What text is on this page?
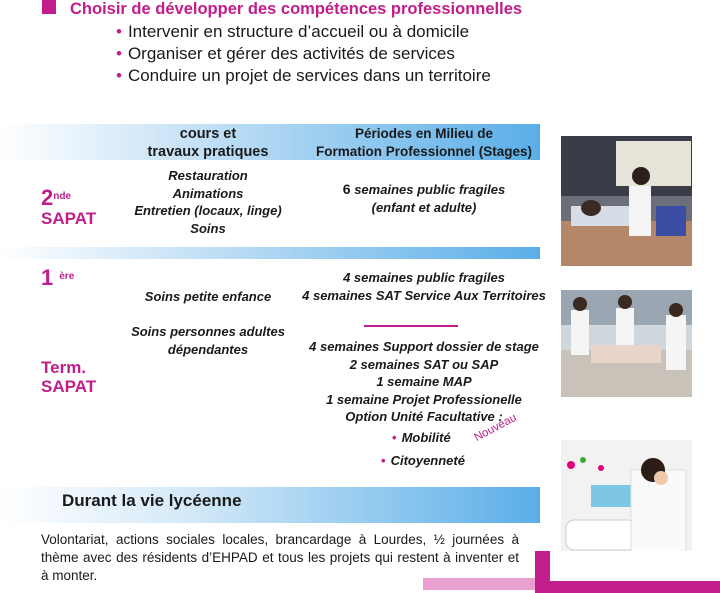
Choisir de développer des compétences professionnelles
• Intervenir en structure d’accueil ou à domicile
• Organiser et gérer des activités de services
• Conduire un projet de services dans un territoire
cours et
travaux pratiques
Périodes en Milieu de
Formation Professionnel (Stages)
2nde
SAPAT
Restauration
Animations
Entretien (locaux, linge)
Soins
6 semaines public fragiles
(enfant et adulte)
1 $^{ère}$
Term.
SAPAT
Soins petite enfance
Soins personnes adultes
dépendantes
4 semaines public fragiles
4 semaines SAT Service Aux Territoires
4 semaines Support dossier de stage
2 semaines SAT ou SAP
1 semaine MAP
1 semaine Projet Professionelle
Option Unité Facultative :
• Mobilité
• Citoyenneté
Nouveau
Durant la vie lycéenne
Volontariat, actions sociales locales, brancardage à Lourdes, ½ journées à thème avec des résidents d’EHPAD et tous les projets qui restent à inventer et à monter.
